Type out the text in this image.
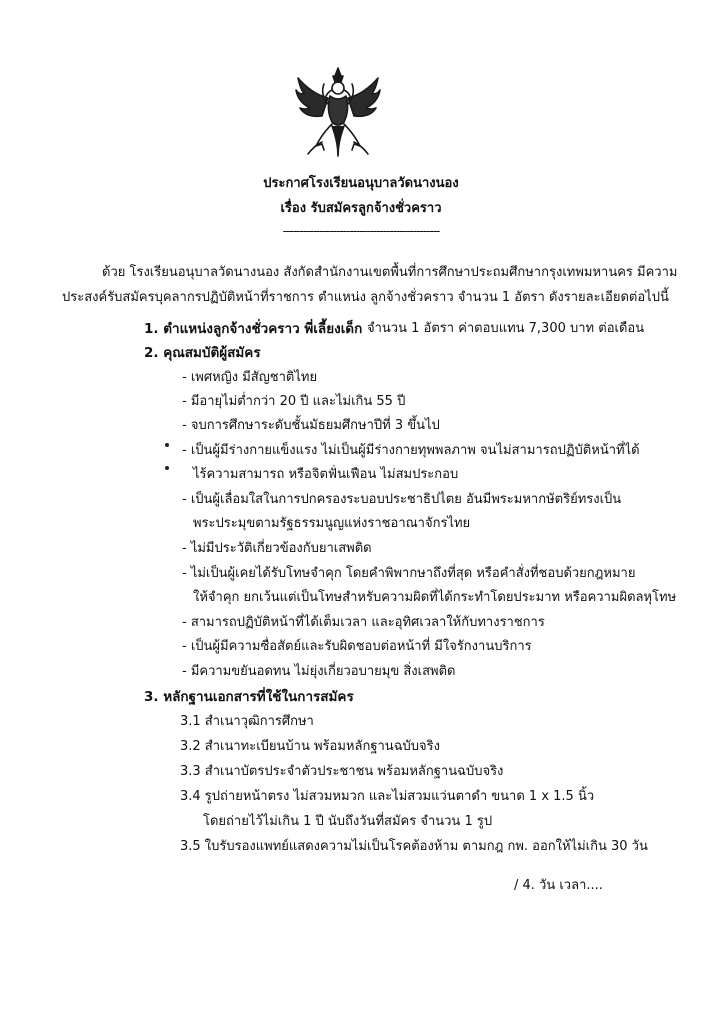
ประกาศโรงเรียนอนุบาลวัดนางนอง
เรื่อง รับสมัครลูกจ้างชั่วคราว
-----------------------------------------------
ด้วย โรงเรียนอนุบาลวัดนางนอง สังกัดสำนักงานเขตพื้นที่การศึกษาประถมศึกษากรุงเทพมหานคร มีความ
ประสงค์รับสมัครบุคลากรปฏิบัติหน้าที่ราชการ ตำแหน่ง ลูกจ้างชั่วคราว จำนวน 1 อัตรา ดังรายละเอียดต่อไปนี้
1. ตำแหน่งลูกจ้างชั่วคราว พี่เลี้ยงเด็ก จำนวน 1 อัตรา ค่าตอบแทน 7,300 บาท ต่อเดือน
2. คุณสมบัติผู้สมัคร
- เพศหญิง มีสัญชาติไทย
- มีอายุไม่ต่ำกว่า 20 ปี และไม่เกิน 55 ปี
- จบการศึกษาระดับชั้นมัธยมศึกษาปีที่ 3 ขึ้นไป
- เป็นผู้มีร่างกายแข็งแรง ไม่เป็นผู้มีร่างกายทุพพลภาพ จนไม่สามารถปฏิบัติหน้าที่ได้
ไร้ความสามารถ หรือจิตฟั่นเฟือน ไม่สมประกอบ
- เป็นผู้เลื่อมใสในการปกครองระบอบประชาธิปไตย อันมีพระมหากษัตริย์ทรงเป็น
พระประมุขตามรัฐธรรมนูญแห่งราชอาณาจักรไทย
- ไม่มีประวัติเกี่ยวข้องกับยาเสพติด
- ไม่เป็นผู้เคยได้รับโทษจำคุก โดยคำพิพากษาถึงที่สุด หรือคำสั่งที่ชอบด้วยกฎหมาย
ให้จำคุก ยกเว้นแต่เป็นโทษสำหรับความผิดที่ได้กระทำโดยประมาท หรือความผิดลหุโทษ
- สามารถปฏิบัติหน้าที่ได้เต็มเวลา และอุทิศเวลาให้กับทางราชการ
- เป็นผู้มีความซื่อสัตย์และรับผิดชอบต่อหน้าที่ มีใจรักงานบริการ
- มีความขยันอดทน ไม่ยุ่งเกี่ยวอบายมุข สิ่งเสพติด
3. หลักฐานเอกสารที่ใช้ในการสมัคร
3.1 สำเนาวุฒิการศึกษา
3.2 สำเนาทะเบียนบ้าน พร้อมหลักฐานฉบับจริง
3.3 สำเนาบัตรประจำตัวประชาชน พร้อมหลักฐานฉบับจริง
3.4 รูปถ่ายหน้าตรง ไม่สวมหมวก และไม่สวมแว่นตาดำ ขนาด 1 x 1.5 นิ้ว
โดยถ่ายไว้ไม่เกิน 1 ปี นับถึงวันที่สมัคร จำนวน 1 รูป
3.5 ใบรับรองแพทย์แสดงความไม่เป็นโรคต้องห้าม ตามกฎ กพ. ออกให้ไม่เกิน 30 วัน
/ 4. วัน เวลา....
